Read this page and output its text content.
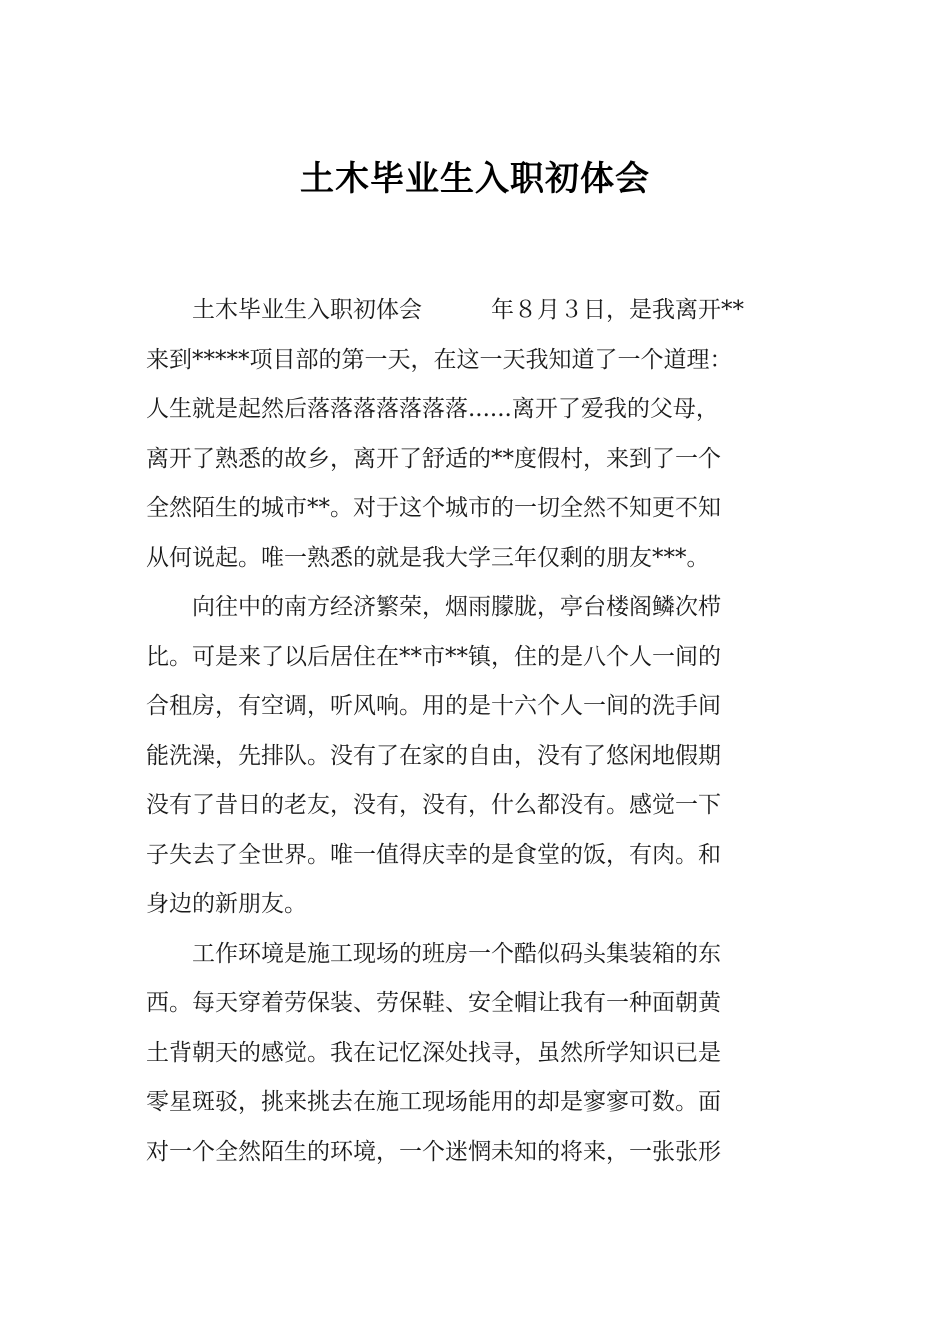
土木毕业生入职初体会
　　土木毕业生入职初体会　　　年８月３日，是我离开**
来到*****项目部的第一天，在这一天我知道了一个道理：
人生就是起然后落落落落落落落......离开了爱我的父母，
离开了熟悉的故乡，离开了舒适的**度假村，来到了一个
全然陌生的城市**。对于这个城市的一切全然不知更不知
从何说起。唯一熟悉的就是我大学三年仅剩的朋友***。
　　向往中的南方经济繁荣，烟雨朦胧，亭台楼阁鳞次栉
比。可是来了以后居住在**市**镇，住的是八个人一间的
合租房，有空调，听风响。用的是十六个人一间的洗手间
能洗澡，先排队。没有了在家的自由，没有了悠闲地假期
没有了昔日的老友，没有，没有，什么都没有。感觉一下
子失去了全世界。唯一值得庆幸的是食堂的饭，有肉。和
身边的新朋友。
　　工作环境是施工现场的班房一个酷似码头集装箱的东
西。每天穿着劳保装、劳保鞋、安全帽让我有一种面朝黄
土背朝天的感觉。我在记忆深处找寻，虽然所学知识已是
零星斑驳，挑来挑去在施工现场能用的却是寥寥可数。面
对一个全然陌生的环境，一个迷惘未知的将来，一张张形
